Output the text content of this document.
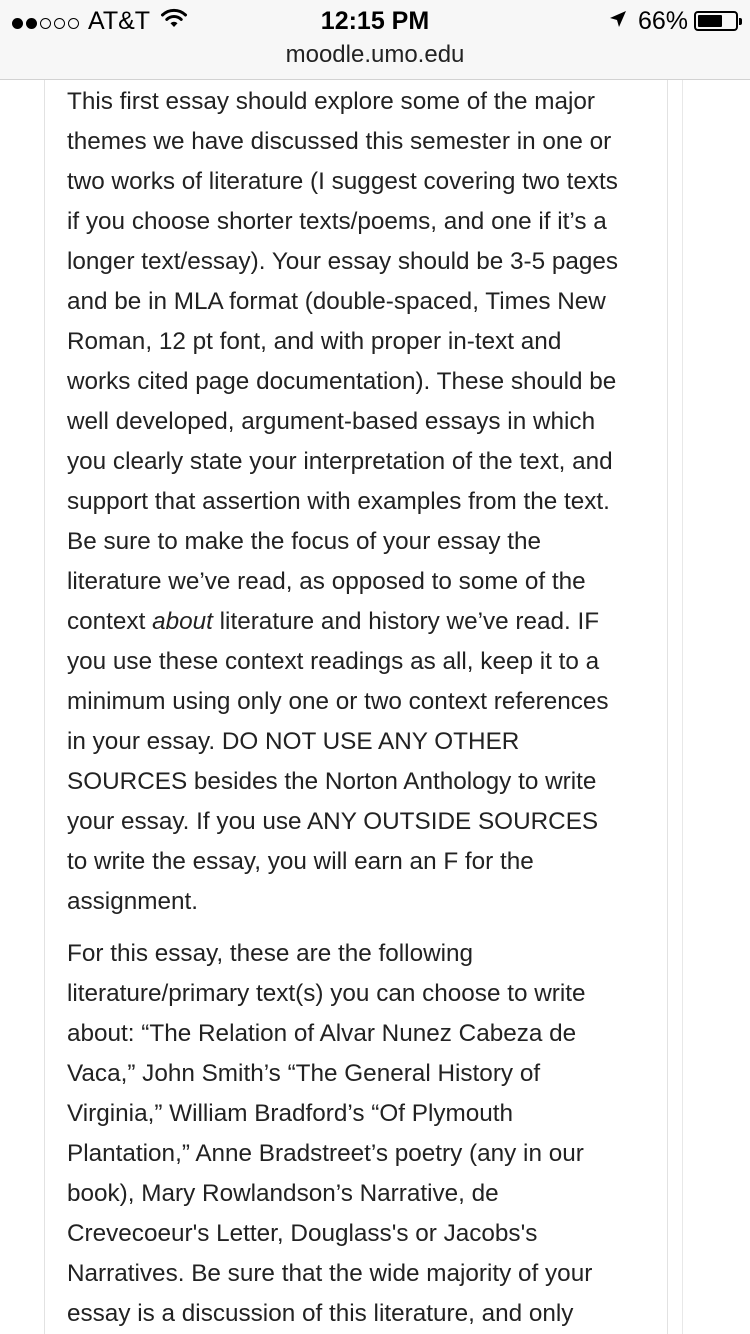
AT&T	12:15 PM	66%
moodle.umo.edu
This first essay should explore some of the major
themes we have discussed this semester in one or
two works of literature (I suggest covering two texts
if you choose shorter texts/poems, and one if it’s a
longer text/essay). Your essay should be 3-5 pages
and be in MLA format (double-spaced, Times New
Roman, 12 pt font, and with proper in-text and
works cited page documentation). These should be
well developed, argument-based essays in which
you clearly state your interpretation of the text, and
support that assertion with examples from the text.
Be sure to make the focus of your essay the
literature we’ve read, as opposed to some of the
context about literature and history we’ve read. IF
you use these context readings as all, keep it to a
minimum using only one or two context references
in your essay. DO NOT USE ANY OTHER
SOURCES besides the Norton Anthology to write
your essay. If you use ANY OUTSIDE SOURCES
to write the essay, you will earn an F for the
assignment.
For this essay, these are the following
literature/primary text(s) you can choose to write
about: “The Relation of Alvar Nunez Cabeza de
Vaca,” John Smith’s “The General History of
Virginia,” William Bradford’s “Of Plymouth
Plantation,” Anne Bradstreet’s poetry (any in our
book), Mary Rowlandson’s Narrative, de
Crevecoeur's Letter, Douglass's or Jacobs's
Narratives. Be sure that the wide majority of your
essay is a discussion of this literature, and only
